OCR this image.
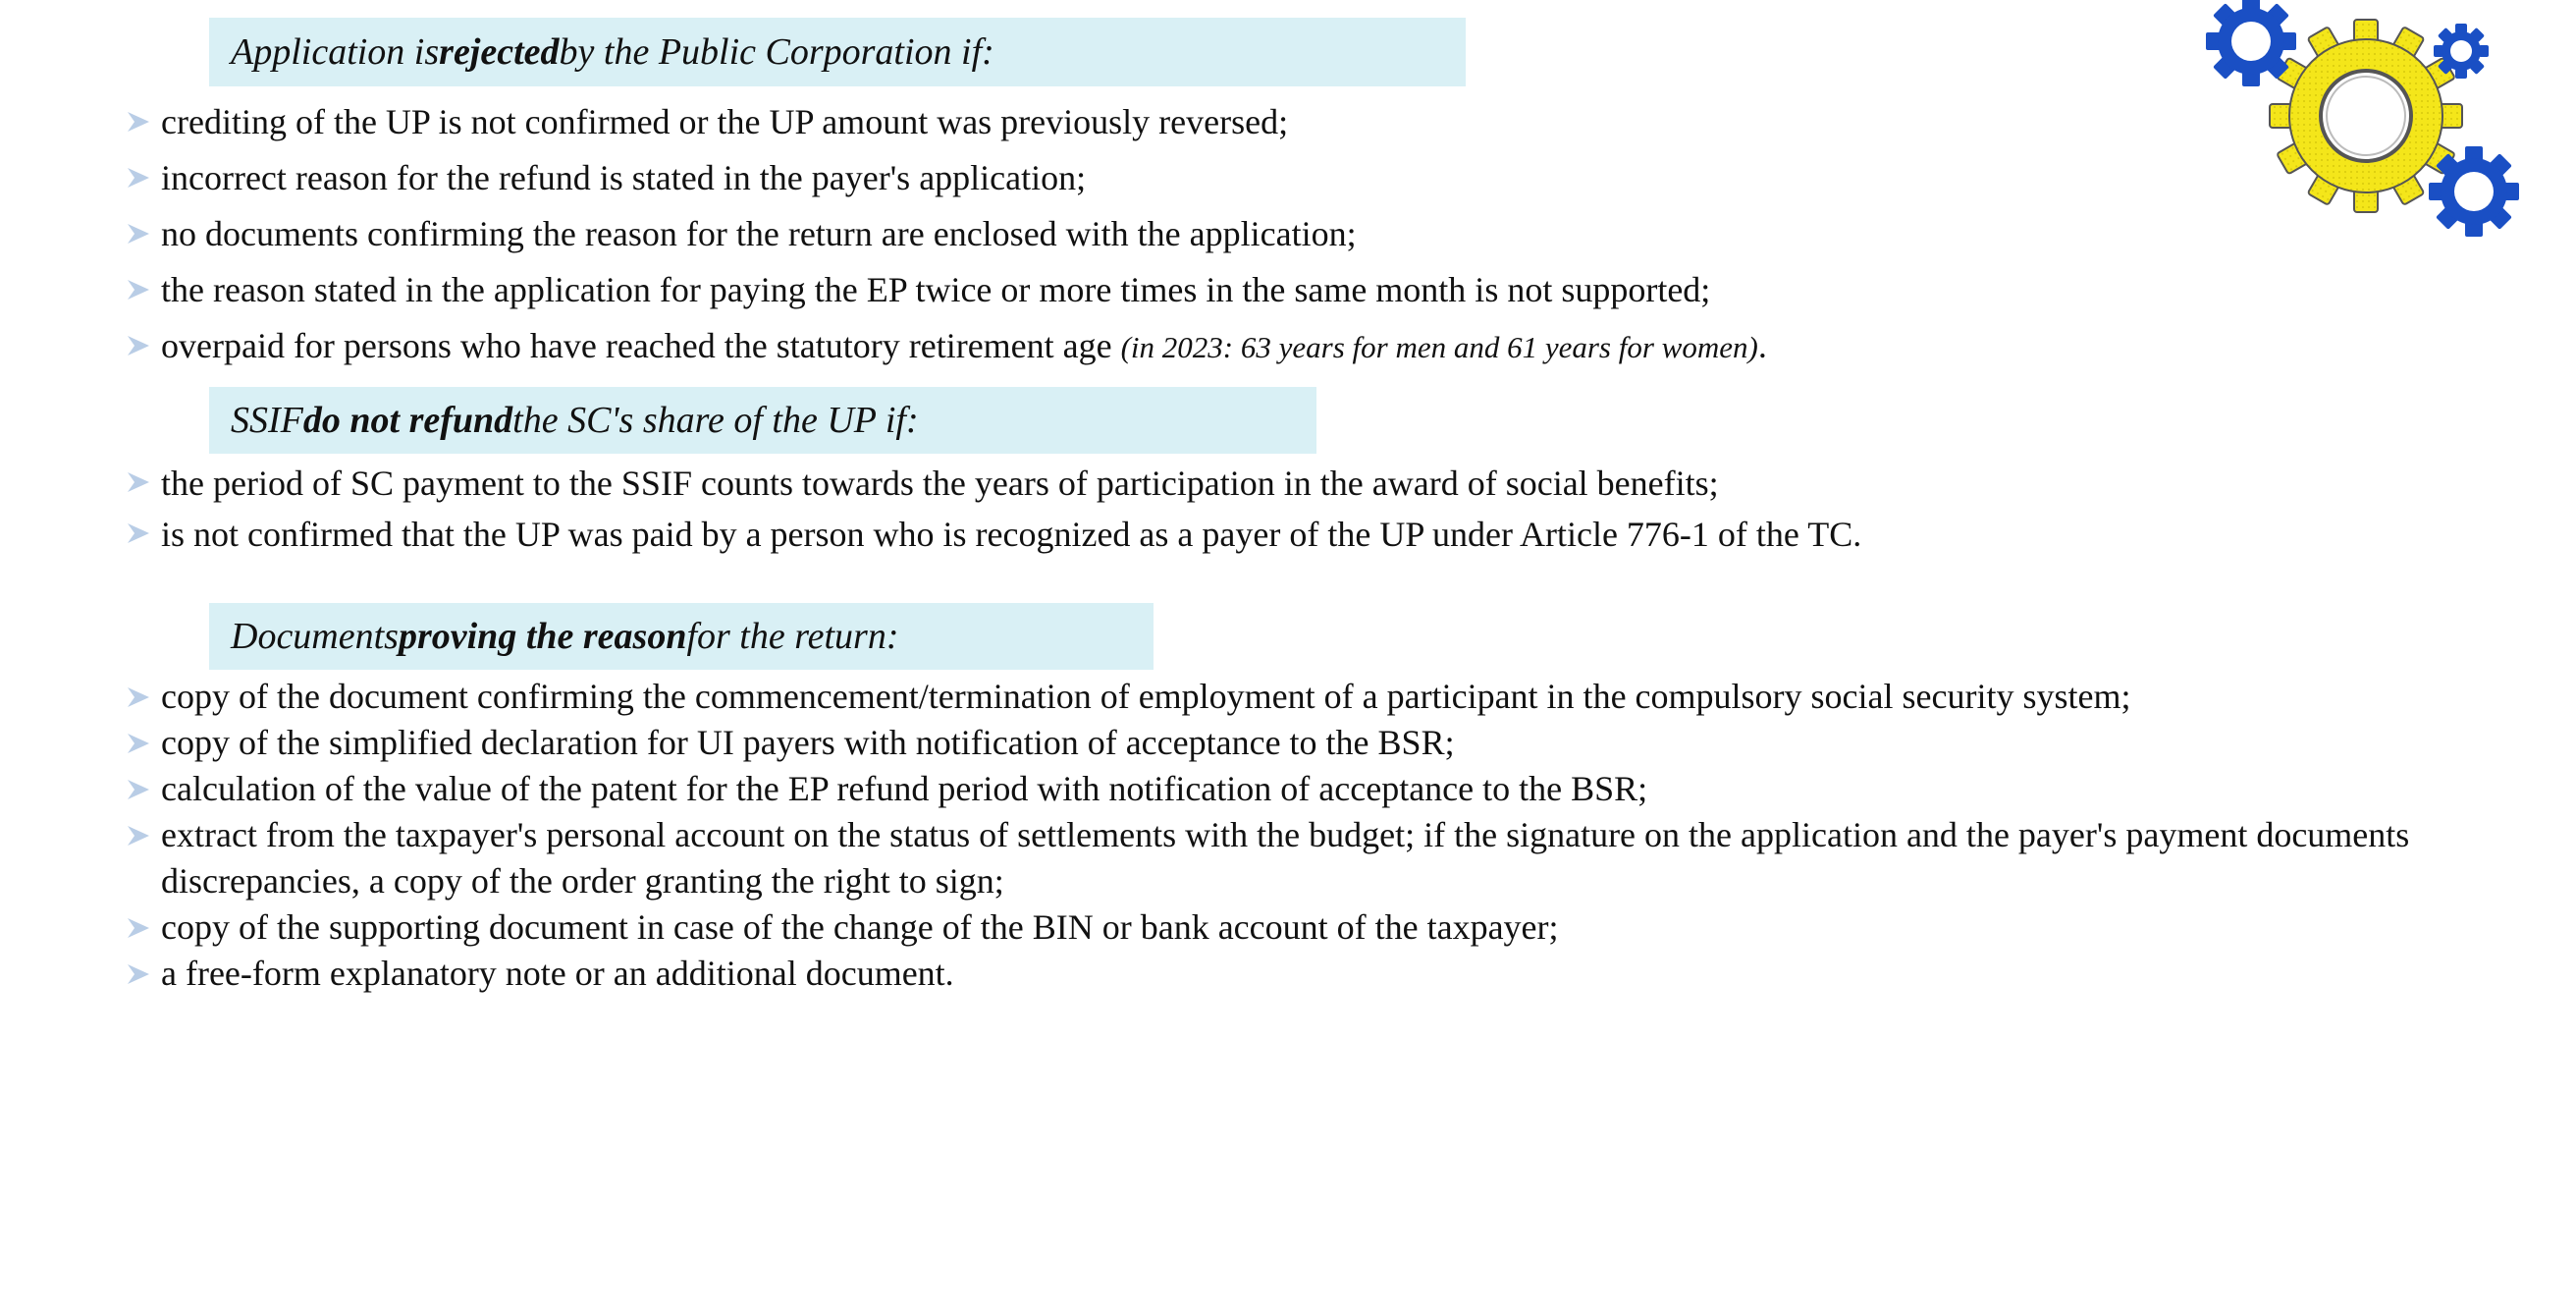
Application is rejected by the Public Corporation if:
crediting of the UP is not confirmed or the UP amount was previously reversed;
incorrect reason for the refund is stated in the payer's application;
no documents confirming the reason for the return are enclosed with the application;
the reason stated in the application for paying the EP twice or more times in the same month is not supported;
overpaid for persons who have reached the statutory retirement age (in 2023: 63 years for men and 61 years for women).
SSIF do not refund the SC's share of the UP if:
the period of SC payment to the SSIF counts towards the years of participation in the award of social benefits;
is not confirmed that the UP was paid by a person who is recognized as a payer of the UP under Article 776-1 of the TC.
Documents proving the reason for the return:
copy of the document confirming the commencement/termination of employment of a participant in the compulsory social security system;
copy of the simplified declaration for UI payers with notification of acceptance to the BSR;
calculation of the value of the patent for the EP refund period with notification of acceptance to the BSR;
extract from the taxpayer's personal account on the status of settlements with the budget; if the signature on the application and the payer's payment documents discrepancies, a copy of the order granting the right to sign;
copy of the supporting document in case of the change of the BIN or bank account of the taxpayer;
a free-form explanatory note or an additional document.
